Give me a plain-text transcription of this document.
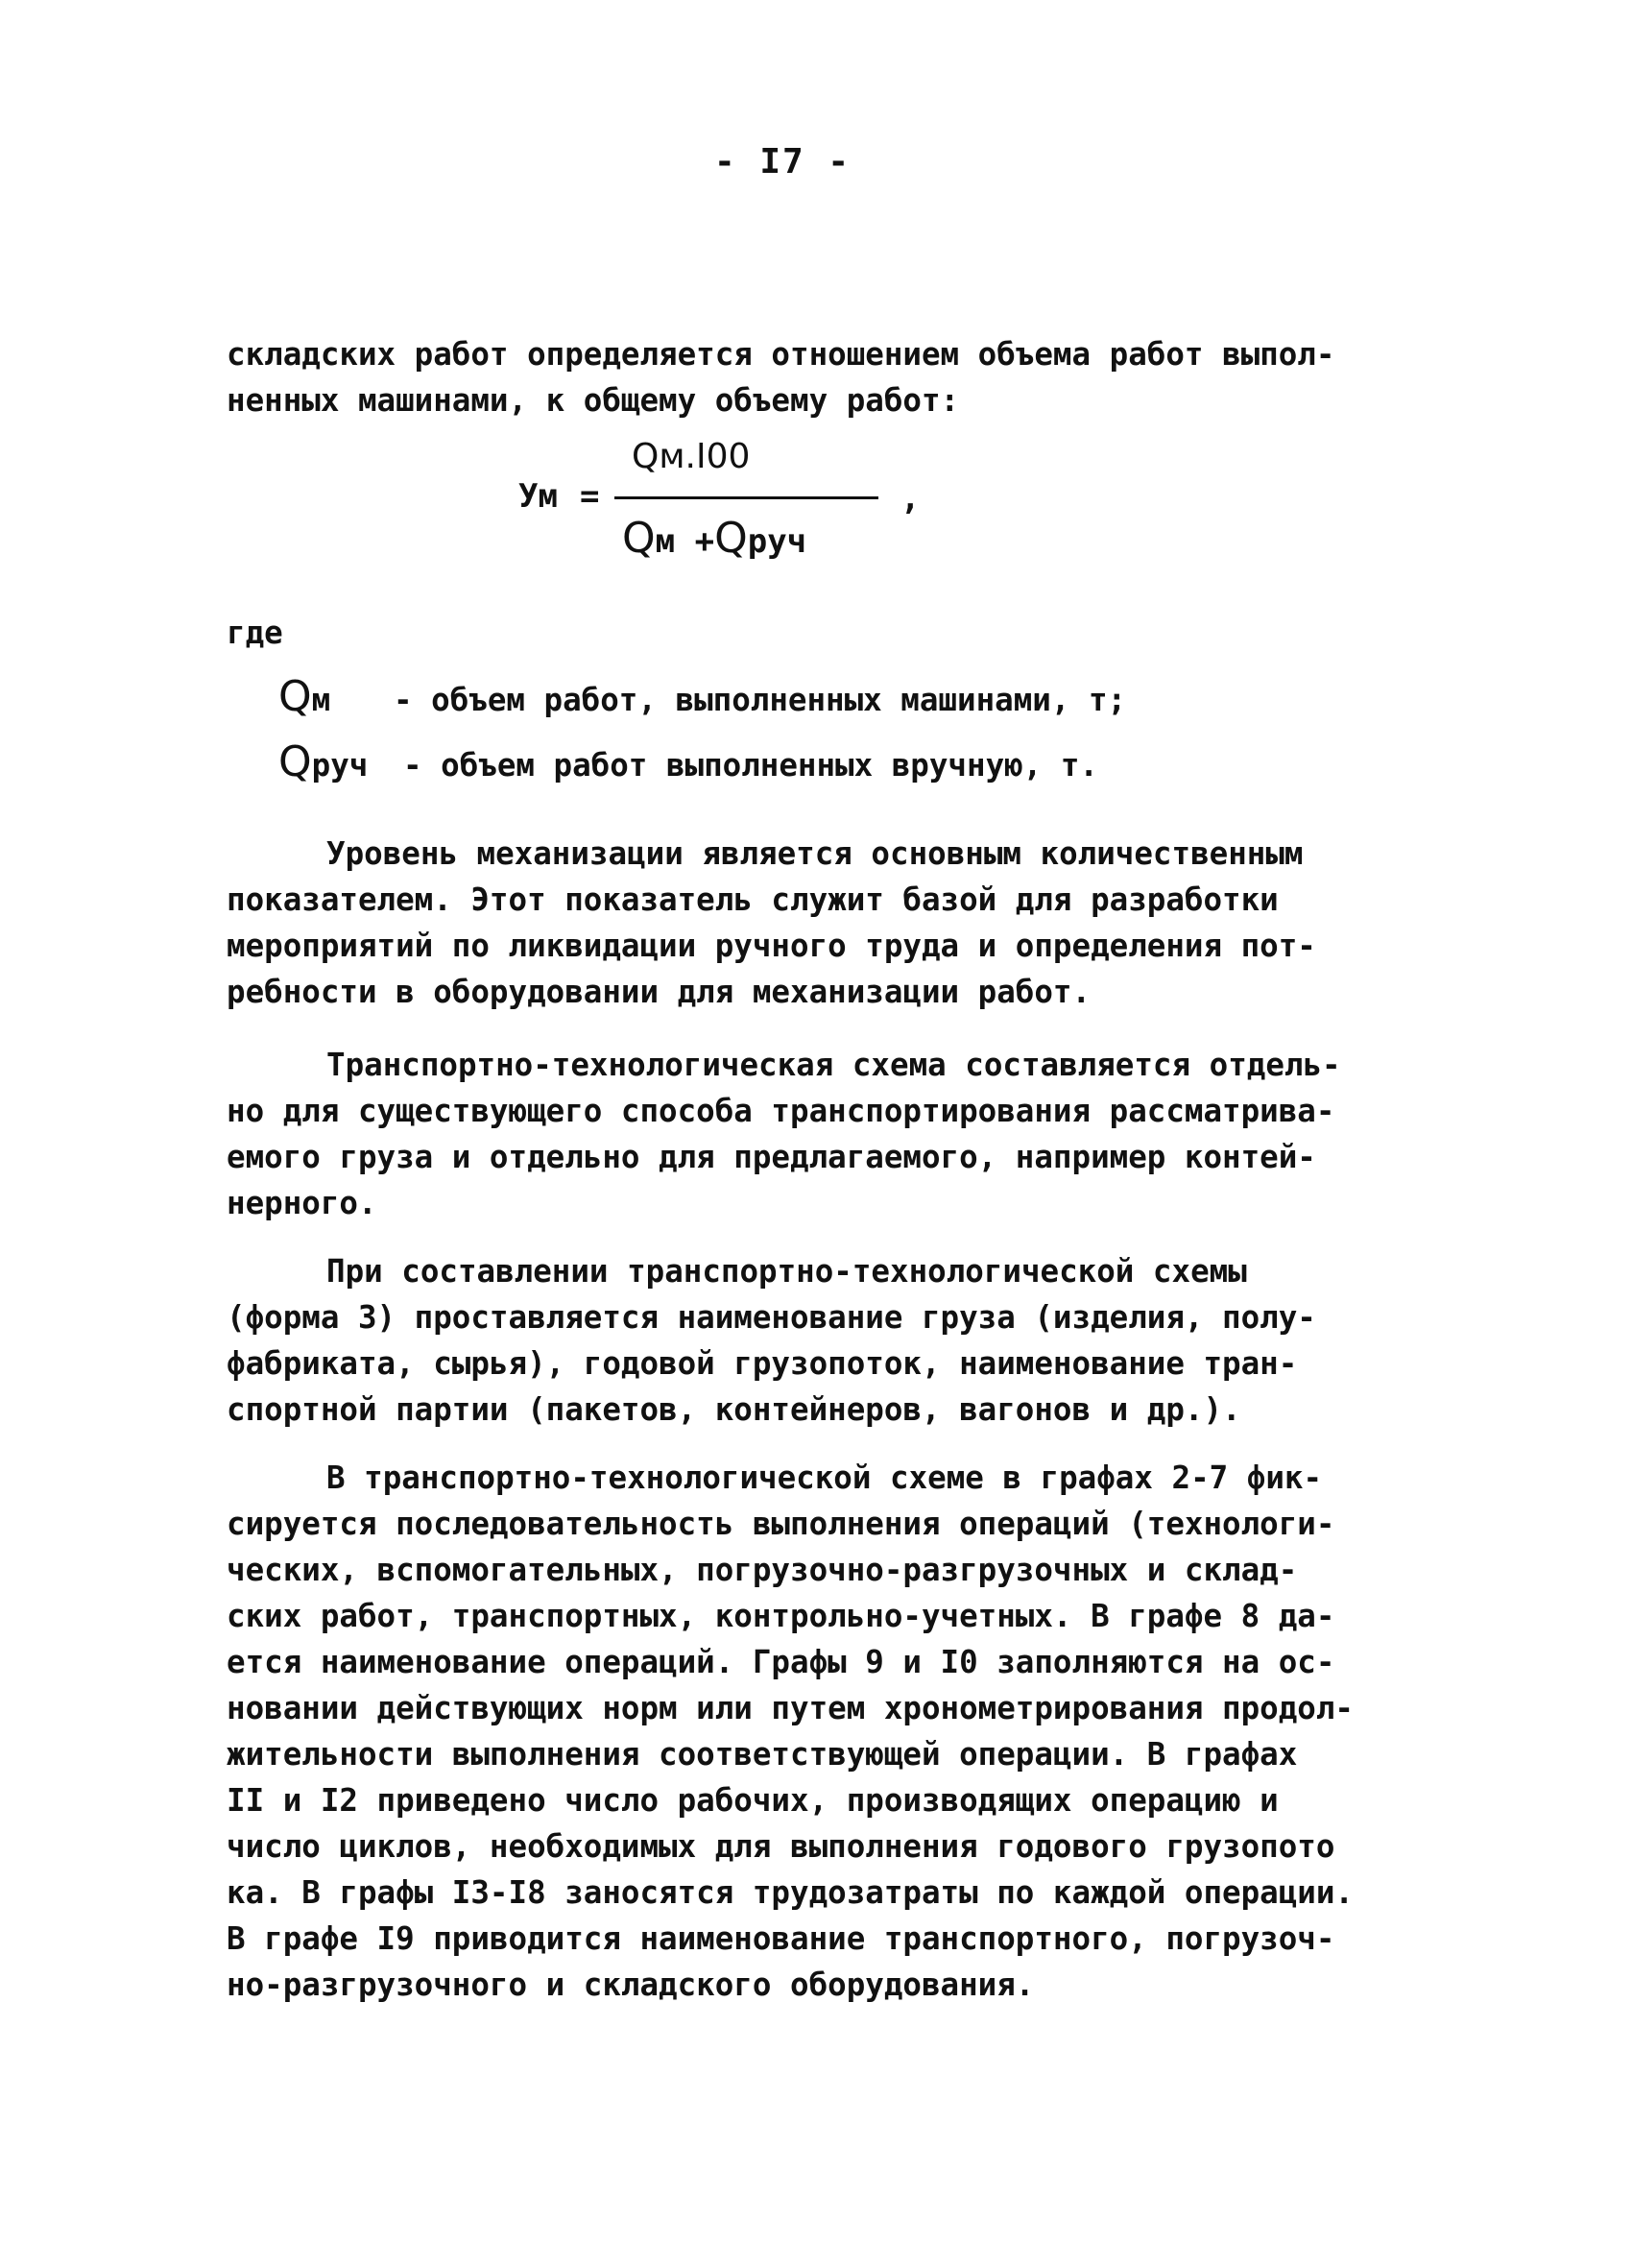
- I7 -
складских работ определяется отношением объема работ выпол-
ненных машинами, к общему объему работ:
Ум =
Qм.I00
Qм +Qруч
,
где
Qм - объем работ, выполненных машинами, т;
Qруч - объем работ выполненных вручную, т.
Уровень механизации является основным количественным
показателем. Этот показатель служит базой для разработки
мероприятий по ликвидации ручного труда и определения пот-
ребности в оборудовании для механизации работ.
Транспортно-технологическая схема составляется отдель-
но для существующего способа транспортирования рассматрива-
емого груза и отдельно для предлагаемого, например контей-
нерного.
При составлении транспортно-технологической схемы
(форма 3) проставляется наименование груза (изделия, полу-
фабриката, сырья), годовой грузопоток, наименование тран-
спортной партии (пакетов, контейнеров, вагонов и др.).
В транспортно-технологической схеме в графах 2-7 фик-
сируется последовательность выполнения операций (технологи-
ческих, вспомогательных, погрузочно-разгрузочных и склад-
ских работ, транспортных, контрольно-учетных. В графе 8 да-
ется наименование операций. Графы 9 и I0 заполняются на ос-
новании действующих норм или путем хронометрирования продол-
жительности выполнения соответствующей операции. В графах
II и I2 приведено число рабочих, производящих операцию и
число циклов, необходимых для выполнения годового грузопото
ка. В графы I3-I8 заносятся трудозатраты по каждой операции.
В графе I9 приводится наименование транспортного, погрузоч-
но-разгрузочного и складского оборудования.
